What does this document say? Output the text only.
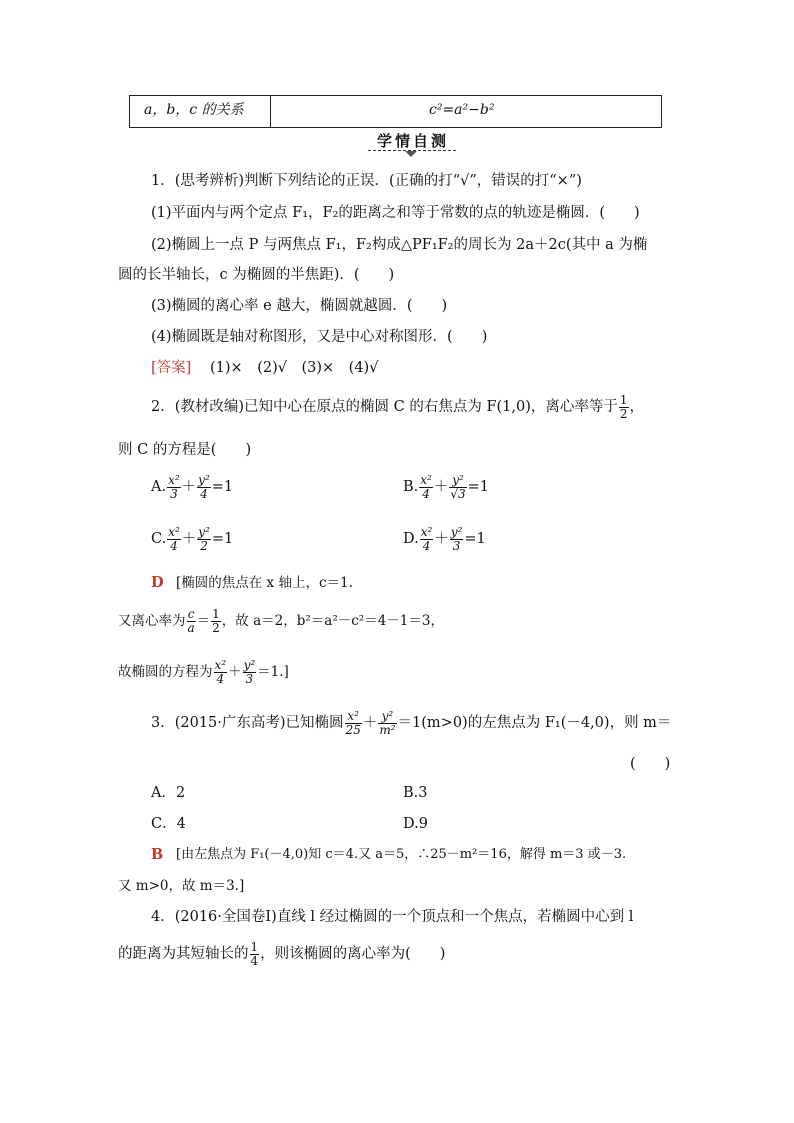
a，b，c 的关系	c²=a²−b²
学情自测
1．(思考辨析)判断下列结论的正误．(正确的打“√”，错误的打“×”)
(1)平面内与两个定点 F₁，F₂的距离之和等于常数的点的轨迹是椭圆．(　　)
(2)椭圆上一点 P 与两焦点 F₁，F₂构成△PF₁F₂的周长为 2a＋2c(其中 a 为椭
圆的长半轴长，c 为椭圆的半焦距)．(　　)
(3)椭圆的离心率 e 越大，椭圆就越圆．(　　)
(4)椭圆既是轴对称图形，又是中心对称图形．(　　)
[答案] (1)×　(2)√　(3)×　(4)√
2．(教材改编)已知中心在原点的椭圆 C 的右焦点为 F(1,0)，离心率等于 $\frac{1}{2}$ ，
则 C 的方程是(　　)
A. $\frac{\text{x²}}{3} + \frac{\text{y²}}{4} =1$	B. $\frac{\text{x²}}{4} + \frac{\text{y²}}{√3} =1$
C. $\frac{\text{x²}}{4} + \frac{\text{y²}}{2} =1$	D. $\frac{\text{x²}}{4} + \frac{\text{y²}}{3} =1$
D [椭圆的焦点在 x 轴上，c＝1.
又离心率为 $\frac{c}{a} = \frac{1}{2}$ ，故 a＝2，b²＝a²－c²＝4－1＝3，
故椭圆的方程为 $\frac{\text{x²}}{4} + \frac{\text{y²}}{3} =1$.]
3．(2015·广东高考)已知椭圆 $\frac{\text{x²}}{25} + \frac{\text{y²}}{\text{m²}} =1(m>0)$的左焦点为 F₁(－4,0)，则 m＝
(　　)
A．2	B.3
C．4	D.9
B [由左焦点为 F₁(－4,0)知 c＝4.又 a＝5，∴25－m²＝16，解得 m＝3 或－3.
又 m>0，故 m＝3.]
4．(2016·全国卷Ⅰ)直线 l 经过椭圆的一个顶点和一个焦点，若椭圆中心到 l
的距离为其短轴长的 $\frac{1}{4}$ ，则该椭圆的离心率为(　　)
